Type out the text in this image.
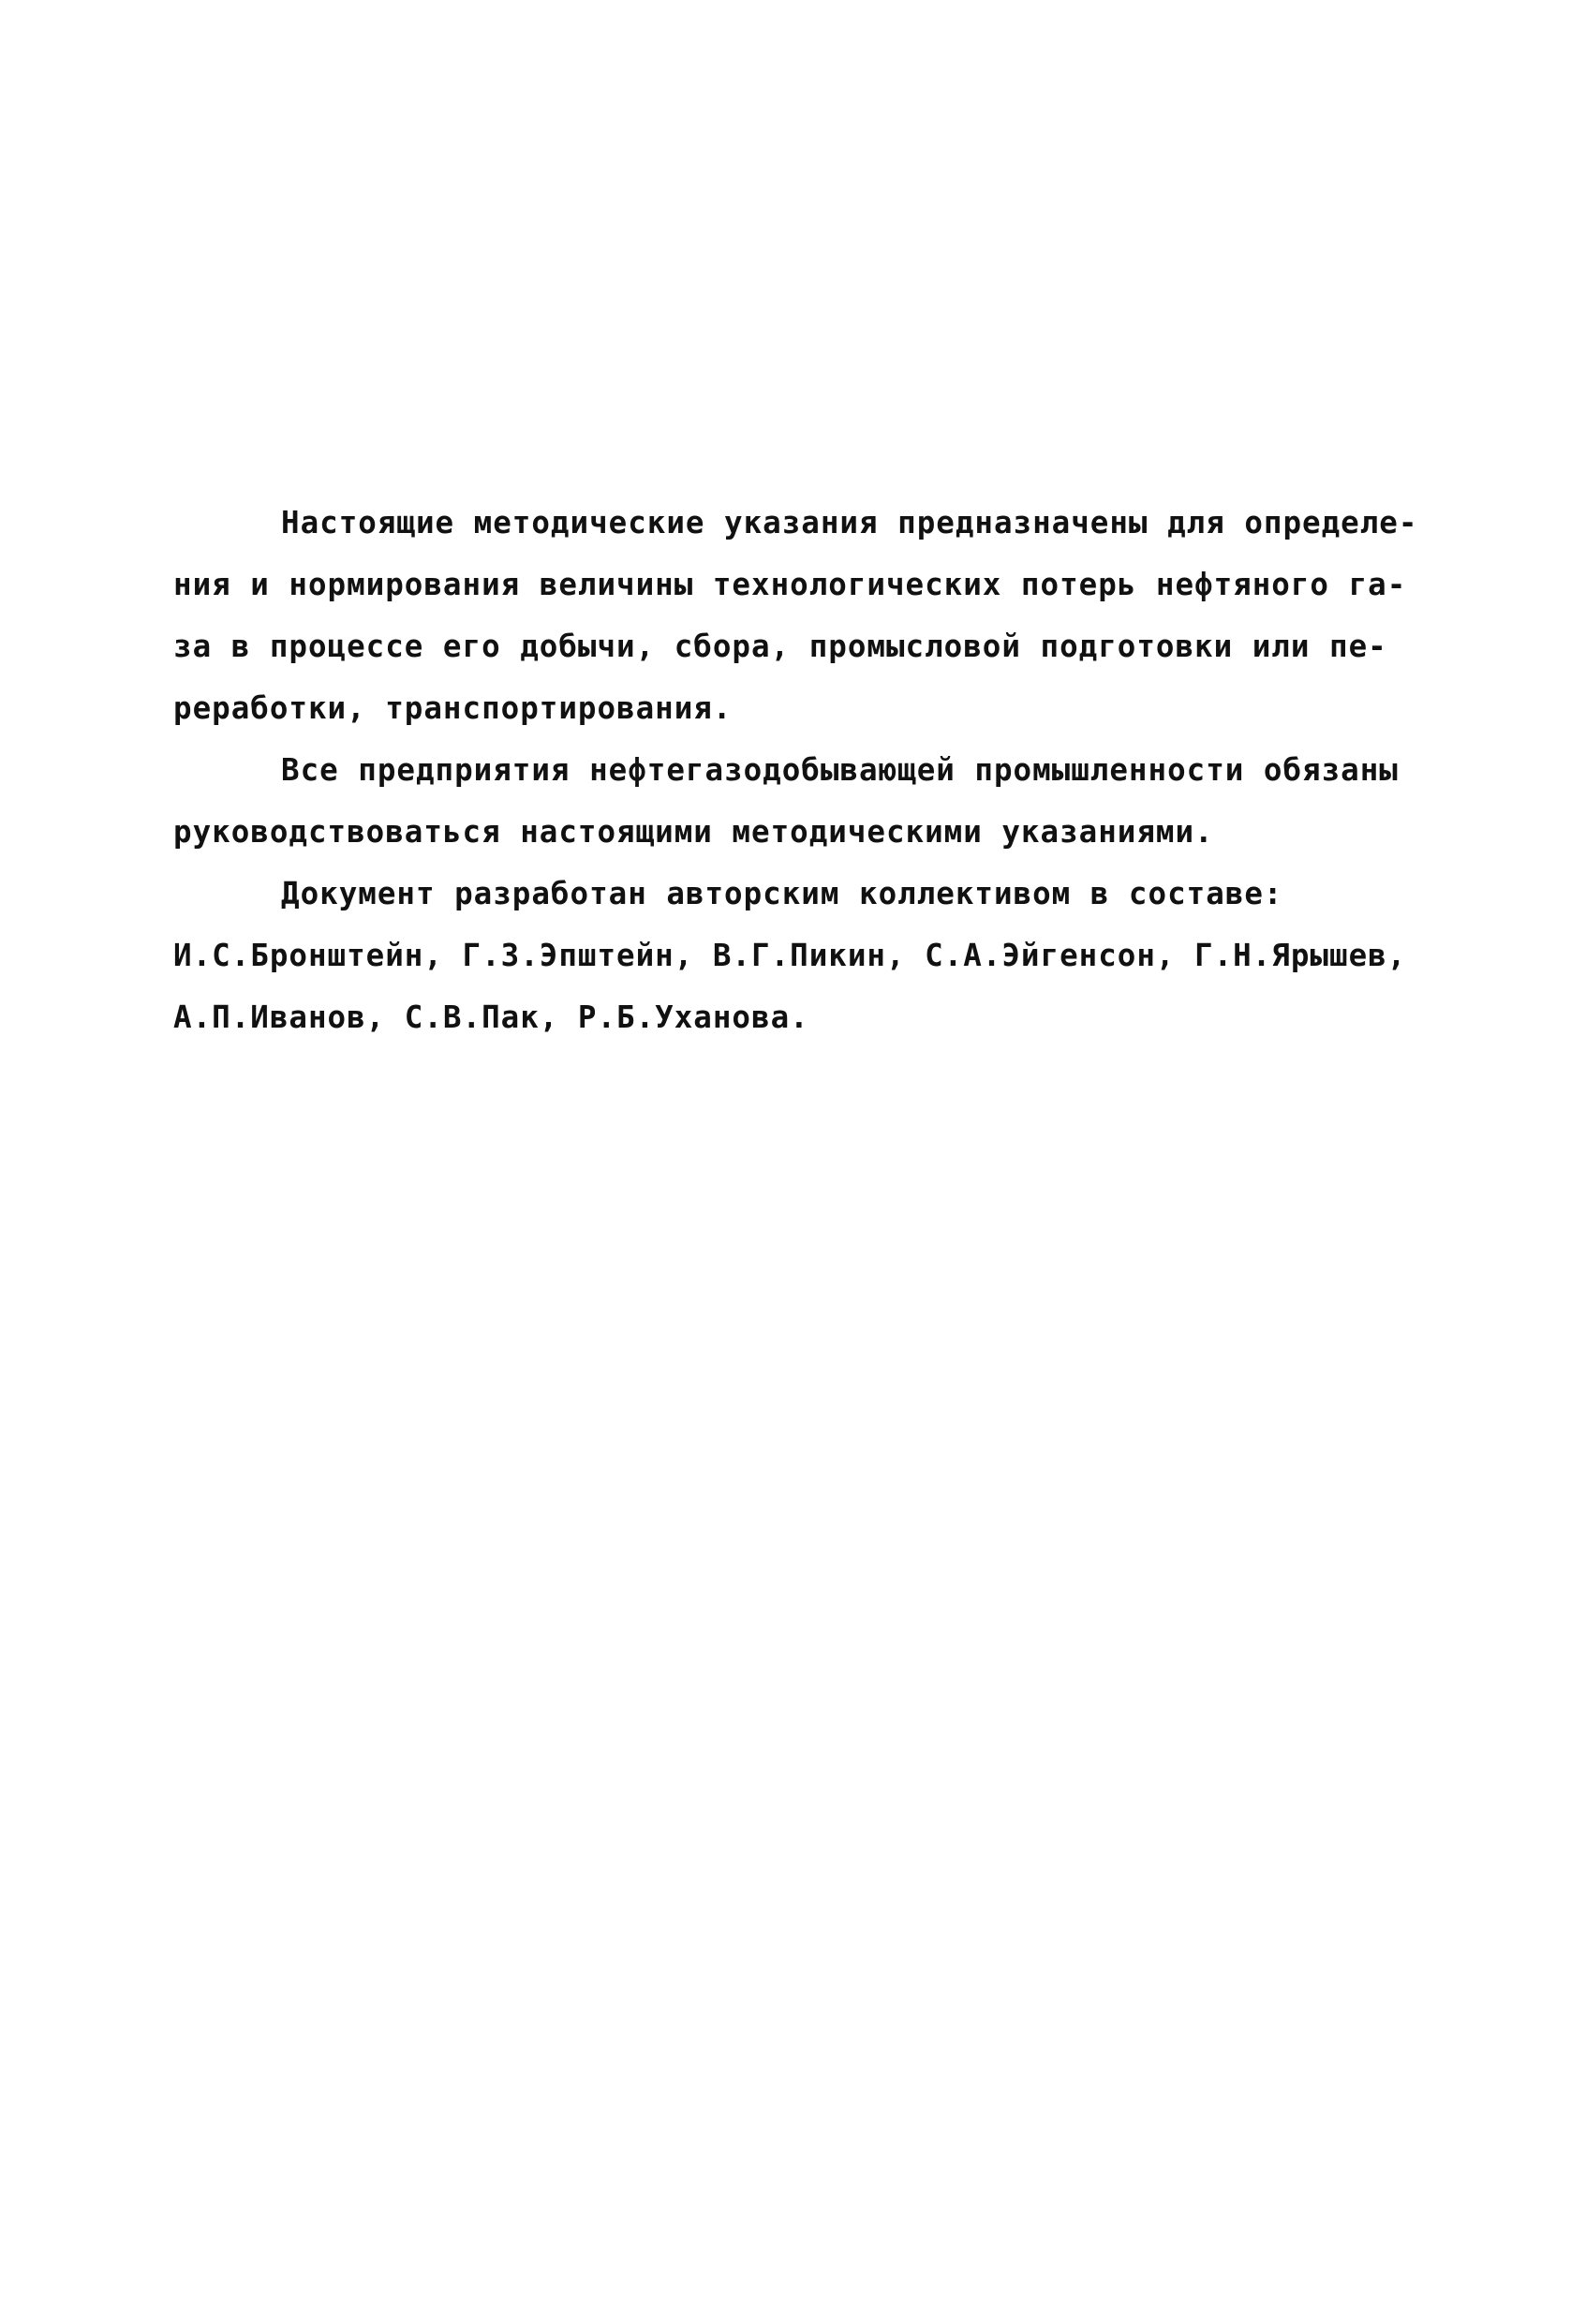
Настоящие методические указания предназначены для определе-
ния и нормирования величины технологических потерь нефтяного га-
за в процессе его добычи, сбора, промысловой подготовки или пе-
реработки, транспортирования.
Все предприятия нефтегазодобывающей промышленности обязаны
руководствоваться настоящими методическими указаниями.
Документ разработан авторским коллективом в составе:
И.С.Бронштейн, Г.З.Эпштейн, В.Г.Пикин, С.А.Эйгенсон, Г.Н.Ярышев,
А.П.Иванов, С.В.Пак, Р.Б.Уханова.
